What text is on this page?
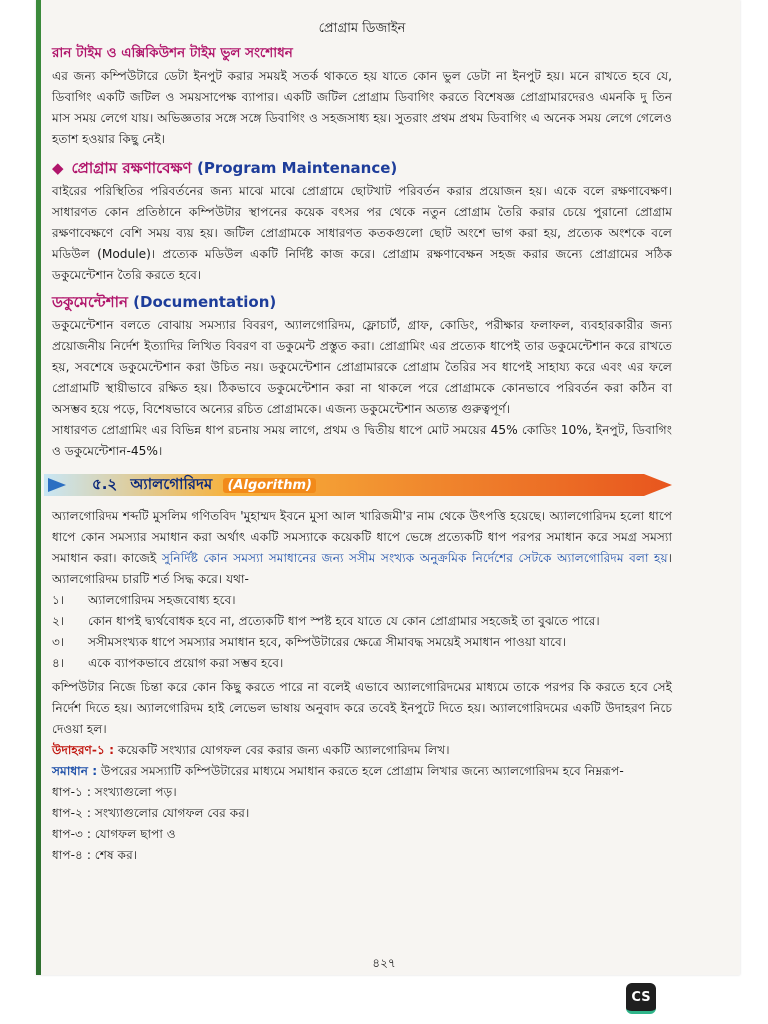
প্রোগ্রাম ডিজাইন
রান টাইম ও এক্সিকিউশন টাইম ভুল সংশোধন

এর জন্য কম্পিউটারে ডেটা ইনপুট করার সময়ই সতর্ক থাকতে হয় যাতে কোন ভুল ডেটা না ইনপুট হয়। মনে রাখতে হবে যে, ডিবাগিং একটি জটিল ও সময়সাপেক্ষ ব্যাপার। একটি জটিল প্রোগ্রাম ডিবাগিং করতে বিশেষজ্ঞ প্রোগ্রামারদেরও এমনকি দু তিন মাস সময় লেগে যায়। অভিজ্ঞতার সঙ্গে সঙ্গে ডিবাগিং ও সহজসাধ্য হয়। সুতরাং প্রথম প্রথম ডিবাগিং এ অনেক সময় লেগে গেলেও হতাশ হওয়ার কিছু নেই।

◆ প্রোগ্রাম রক্ষণাবেক্ষণ (Program Maintenance)

বাইরের পরিস্থিতির পরিবর্তনের জন্য মাঝে মাঝে প্রোগ্রামে ছোটখাট পরিবর্তন করার প্রয়োজন হয়। একে বলে রক্ষণাবেক্ষণ। সাধারণত কোন প্রতিষ্ঠানে কম্পিউটার স্থাপনের কয়েক বৎসর পর থেকে নতুন প্রোগ্রাম তৈরি করার চেয়ে পুরানো প্রোগ্রাম রক্ষণাবেক্ষণে বেশি সময় ব্যয় হয়। জটিল প্রোগ্রামকে সাধারণত কতকগুলো ছোট অংশে ভাগ করা হয়, প্রত্যেক অংশকে বলে মডিউল (Module)। প্রত্যেক মডিউল একটি নির্দিষ্ট কাজ করে। প্রোগ্রাম রক্ষণাবেক্ষন সহজ করার জন্যে প্রোগ্রামের সঠিক ডকুমেন্টেশান তৈরি করতে হবে।

ডকুমেন্টেশান (Documentation)

ডকুমেন্টেশান বলতে বোঝায় সমস্যার বিবরণ, অ্যালগোরিদম, ফ্লোচার্ট, গ্রাফ, কোডিং, পরীক্ষার ফলাফল, ব্যবহারকারীর জন্য প্রয়োজনীয় নির্দেশ ইত্যাদির লিখিত বিবরণ বা ডকুমেন্ট প্রস্তুত করা। প্রোগ্রামিং এর প্রত্যেক ধাপেই তার ডকুমেন্টেশান করে রাখতে হয়, সবশেষে ডকুমেন্টেশান করা উচিত নয়। ডকুমেন্টেশান প্রোগ্রামারকে প্রোগ্রাম তৈরির সব ধাপেই সাহায্য করে এবং এর ফলে প্রোগ্রামটি স্থায়ীভাবে রক্ষিত হয়। ঠিকভাবে ডকুমেন্টেশান করা না থাকলে পরে প্রোগ্রামকে কোনভাবে পরিবর্তন করা কঠিন বা অসম্ভব হয়ে পড়ে, বিশেষভাবে অন্যের রচিত প্রোগ্রামকে। এজন্য ডকুমেন্টেশান অত্যন্ত গুরুত্বপূর্ণ।

সাধারণত প্রোগ্রামিং এর বিভিন্ন ধাপ রচনায় সময় লাগে, প্রথম ও দ্বিতীয় ধাপে মোট সময়ের 45% কোডিং 10%, ইনপুট, ডিবাগিং ও ডকুমেন্টেশান-45%।

৫.২ অ্যালগোরিদম (Algorithm)

অ্যালগোরিদম শব্দটি মুসলিম গণিতবিদ 'মুহাম্মদ ইবনে মুসা আল খারিজমী'র নাম থেকে উৎপত্তি হয়েছে। অ্যালগোরিদম হলো ধাপে ধাপে কোন সমস্যার সমাধান করা অর্থাৎ একটি সমস্যাকে কয়েকটি ধাপে ভেঙ্গে প্রত্যেকটি ধাপ পরপর সমাধান করে সমগ্র সমস্যা সমাধান করা। কাজেই সুনির্দিষ্ট কোন সমস্যা সমাধানের জন্য সসীম সংখ্যক অনুক্রমিক নির্দেশের সেটকে অ্যালগোরিদম বলা হয়।অ্যালগোরিদম চারটি শর্ত সিদ্ধ করে। যথা-

১।	অ্যালগোরিদম সহজবোধ্য হবে।
২।	কোন ধাপই দ্ব্যর্থবোধক হবে না, প্রত্যেকটি ধাপ স্পষ্ট হবে যাতে যে কোন প্রোগ্রামার সহজেই তা বুঝতে পারে।
৩।	সসীমসংখ্যক ধাপে সমস্যার সমাধান হবে, কম্পিউটারের ক্ষেত্রে সীমাবদ্ধ সময়েই সমাধান পাওয়া যাবে।
৪।	একে ব্যাপকভাবে প্রয়োগ করা সম্ভব হবে।

কম্পিউটার নিজে চিন্তা করে কোন কিছু করতে পারে না বলেই এভাবে অ্যালগোরিদমের মাধ্যমে তাকে পরপর কি করতে হবে সেই নির্দেশ দিতে হয়। অ্যালগোরিদম হাই লেভেল ভাষায় অনুবাদ করে তবেই ইনপুটে দিতে হয়। অ্যালগোরিদমের একটি উদাহরণ নিচে দেওয়া হল।

উদাহরণ-১ : কয়েকটি সংখ্যার যোগফল বের করার জন্য একটি অ্যালগোরিদম লিখ।

সমাধান : উপরের সমস্যাটি কম্পিউটারের মাধ্যমে সমাধান করতে হলে প্রোগ্রাম লিখার জন্যে অ্যালগোরিদম হবে নিম্নরূপ-

ধাপ-১ : সংখ্যাগুলো পড়।
ধাপ-২ : সংখ্যাগুলোর যোগফল বের কর।
ধাপ-৩ : যোগফল ছাপা ও
ধাপ-৪ : শেষ কর।
৪২৭
CS
